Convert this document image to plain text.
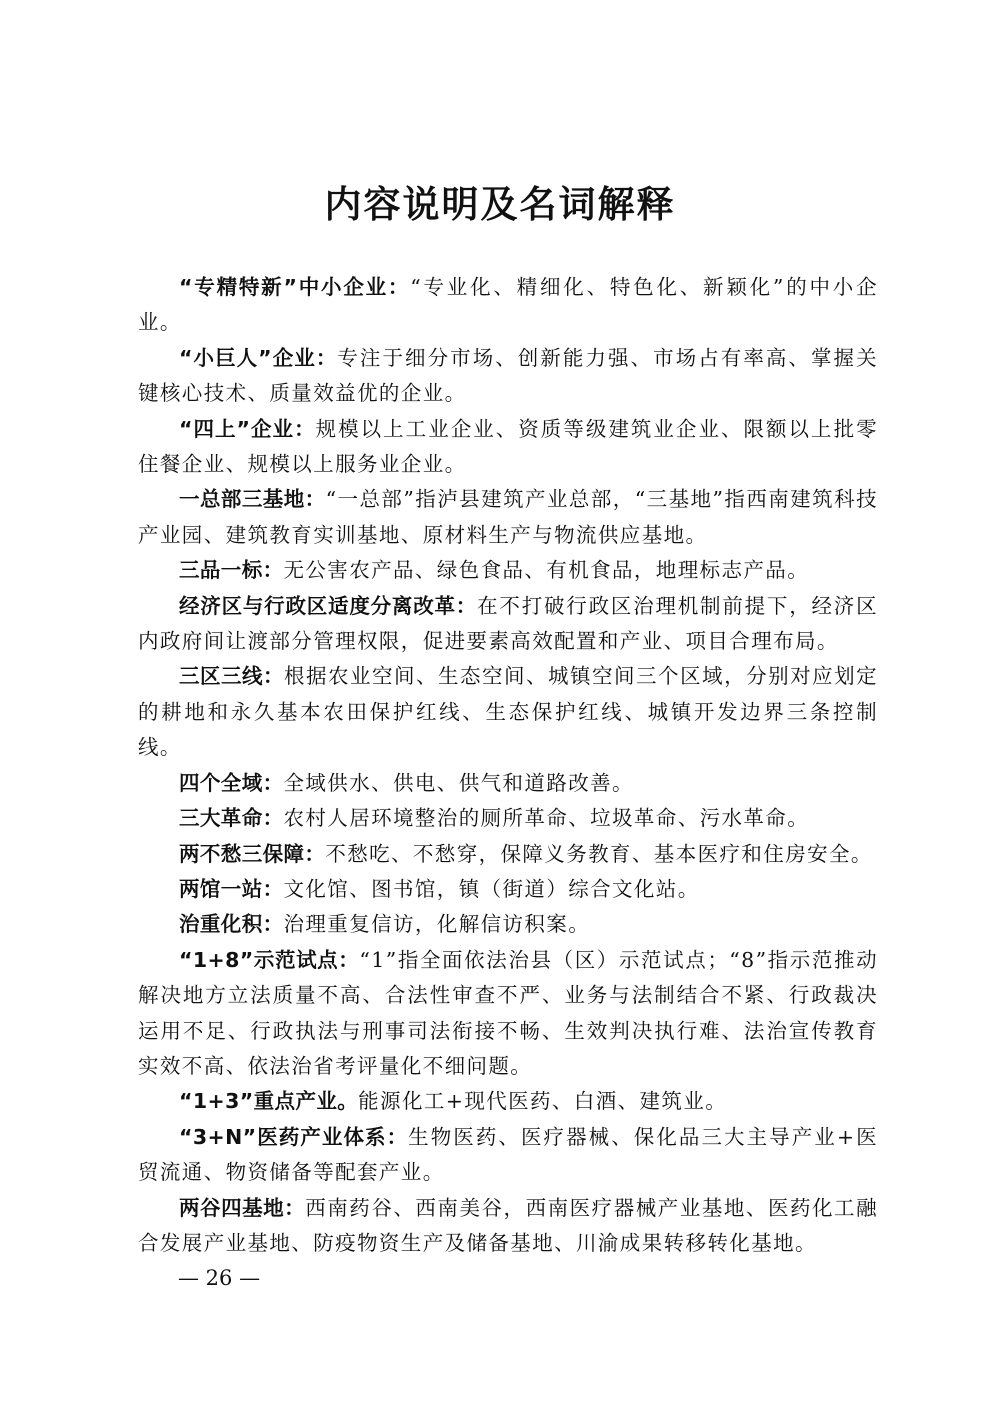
内容说明及名词解释

“专精特新”中小企业：“专业化、精细化、特色化、新颖化”的中小企业。

“小巨人”企业：专注于细分市场、创新能力强、市场占有率高、掌握关键核心技术、质量效益优的企业。

“四上”企业：规模以上工业企业、资质等级建筑业企业、限额以上批零住餐企业、规模以上服务业企业。

一总部三基地：“一总部”指泸县建筑产业总部，“三基地”指西南建筑科技产业园、建筑教育实训基地、原材料生产与物流供应基地。

三品一标：无公害农产品、绿色食品、有机食品，地理标志产品。

经济区与行政区适度分离改革：在不打破行政区治理机制前提下，经济区内政府间让渡部分管理权限，促进要素高效配置和产业、项目合理布局。

三区三线：根据农业空间、生态空间、城镇空间三个区域，分别对应划定的耕地和永久基本农田保护红线、生态保护红线、城镇开发边界三条控制线。

四个全域：全域供水、供电、供气和道路改善。

三大革命：农村人居环境整治的厕所革命、垃圾革命、污水革命。

两不愁三保障：不愁吃、不愁穿，保障义务教育、基本医疗和住房安全。

两馆一站：文化馆、图书馆，镇（街道）综合文化站。

治重化积：治理重复信访，化解信访积案。

“1+8”示范试点：“1”指全面依法治县（区）示范试点；“8”指示范推动解决地方立法质量不高、合法性审查不严、业务与法制结合不紧、行政裁决运用不足、行政执法与刑事司法衔接不畅、生效判决执行难、法治宣传教育实效不高、依法治省考评量化不细问题。

“1+3”重点产业。能源化工+现代医药、白酒、建筑业。

“3+N”医药产业体系：生物医药、医疗器械、保化品三大主导产业+医贸流通、物资储备等配套产业。

两谷四基地：西南药谷、西南美谷，西南医疗器械产业基地、医药化工融合发展产业基地、防疫物资生产及储备基地、川渝成果转移转化基地。

— 26 —
